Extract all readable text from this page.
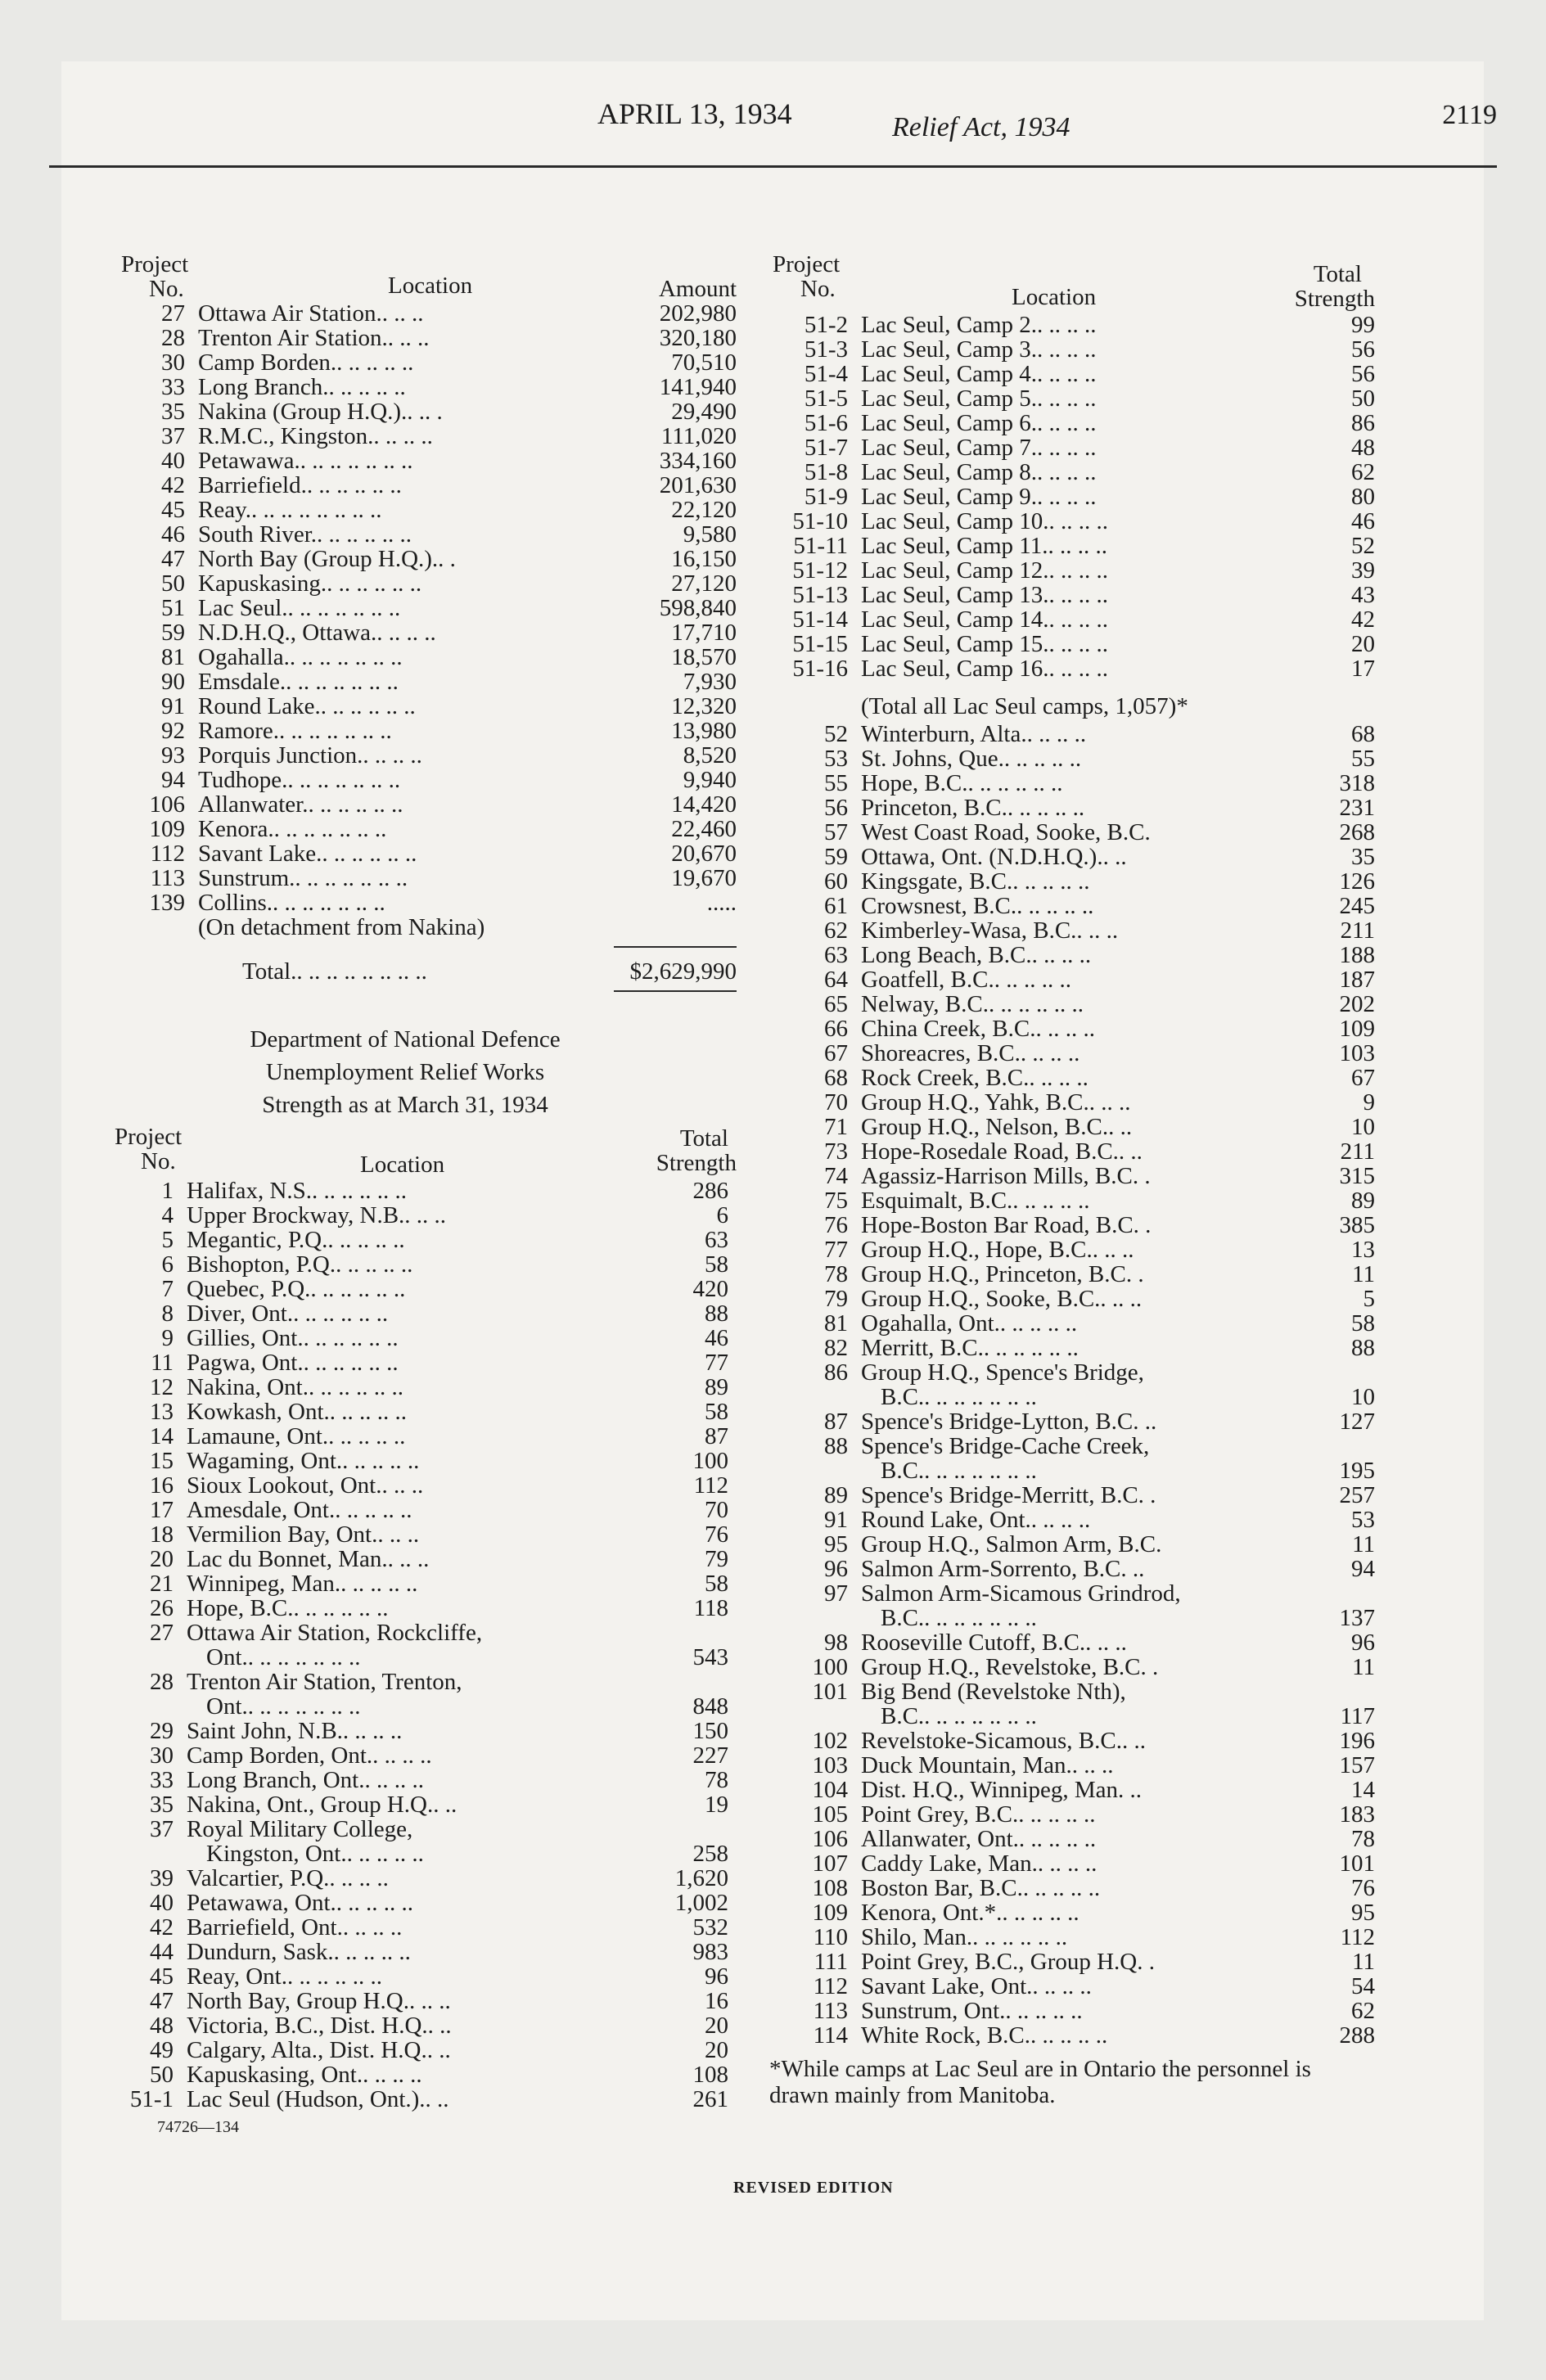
APRIL 13, 1934	Relief Act, 1934	2119
Project
No.	Location	Amount
27 Ottawa Air Station.. .. ..	202,980
28 Trenton Air Station.. .. ..	320,180
30 Camp Borden.. .. .. .. ..	70,510
33 Long Branch.. .. .. .. ..	141,940
35 Nakina (Group H.Q.).. .. .	29,490
37 R.M.C., Kingston.. .. .. ..	111,020
40 Petawawa.. .. .. .. .. .. ..	334,160
42 Barriefield.. .. .. .. .. ..	201,630
45 Reay.. .. .. .. .. .. .. ..	22,120
46 South River.. .. .. .. .. ..	9,580
47 North Bay (Group H.Q.).. .	16,150
50 Kapuskasing.. .. .. .. .. ..	27,120
51 Lac Seul.. .. .. .. .. .. ..	598,840
59 N.D.H.Q., Ottawa.. .. .. ..	17,710
81 Ogahalla.. .. .. .. .. .. ..	18,570
90 Emsdale.. .. .. .. .. .. ..	7,930
91 Round Lake.. .. .. .. .. ..	12,320
92 Ramore.. .. .. .. .. .. ..	13,980
93 Porquis Junction.. .. .. ..	8,520
94 Tudhope.. .. .. .. .. .. ..	9,940
106 Allanwater.. .. .. .. .. ..	14,420
109 Kenora.. .. .. .. .. .. ..	22,460
112 Savant Lake.. .. .. .. .. ..	20,670
113 Sunstrum.. .. .. .. .. .. ..	19,670
139 Collins.. .. .. .. .. .. ..	.....
(On detachment from Nakina)
Total.. .. .. .. .. .. .. ..	$2,629,990
Department of National Defence
Unemployment Relief Works
Strength as at March 31, 1934
Project
No.	Location
Total
Strength
1 Halifax, N.S.. .. .. .. .. ..	286
4 Upper Brockway, N.B.. .. ..	6
5 Megantic, P.Q.. .. .. .. ..	63
6 Bishopton, P.Q.. .. .. .. ..	58
7 Quebec, P.Q.. .. .. .. .. ..	420
8 Diver, Ont.. .. .. .. .. ..	88
9 Gillies, Ont.. .. .. .. .. ..	46
11 Pagwa, Ont.. .. .. .. .. ..	77
12 Nakina, Ont.. .. .. .. .. ..	89
13 Kowkash, Ont.. .. .. .. ..	58
14 Lamaune, Ont.. .. .. .. ..	87
15 Wagaming, Ont.. .. .. .. ..	100
16 Sioux Lookout, Ont.. .. ..	112
17 Amesdale, Ont.. .. .. .. ..	70
18 Vermilion Bay, Ont.. .. ..	76
20 Lac du Bonnet, Man.. .. ..	79
21 Winnipeg, Man.. .. .. .. ..	58
26 Hope, B.C.. .. .. .. .. ..	118
27 Ottawa Air Station, Rockcliffe,
Ont.. .. .. .. .. .. ..	543
28 Trenton Air Station, Trenton,
Ont.. .. .. .. .. .. ..	848
29 Saint John, N.B.. .. .. ..	150
30 Camp Borden, Ont.. .. .. ..	227
33 Long Branch, Ont.. .. .. ..	78
35 Nakina, Ont., Group H.Q.. ..	19
37 Royal Military College,
Kingston, Ont.. .. .. .. ..	258
39 Valcartier, P.Q.. .. .. ..	1,620
40 Petawawa, Ont.. .. .. .. ..	1,002
42 Barriefield, Ont.. .. .. ..	532
44 Dundurn, Sask.. .. .. .. ..	983
45 Reay, Ont.. .. .. .. .. ..	96
47 North Bay, Group H.Q.. .. ..	16
48 Victoria, B.C., Dist. H.Q.. ..	20
49 Calgary, Alta., Dist. H.Q.. ..	20
50 Kapuskasing, Ont.. .. .. ..	108
51-1 Lac Seul (Hudson, Ont.).. ..	261
74726—134
Project
No.	Location
Total
Strength
51-2 Lac Seul, Camp 2.. .. .. ..	99
51-3 Lac Seul, Camp 3.. .. .. ..	56
51-4 Lac Seul, Camp 4.. .. .. ..	56
51-5 Lac Seul, Camp 5.. .. .. ..	50
51-6 Lac Seul, Camp 6.. .. .. ..	86
51-7 Lac Seul, Camp 7.. .. .. ..	48
51-8 Lac Seul, Camp 8.. .. .. ..	62
51-9 Lac Seul, Camp 9.. .. .. ..	80
51-10 Lac Seul, Camp 10.. .. .. ..	46
51-11 Lac Seul, Camp 11.. .. .. ..	52
51-12 Lac Seul, Camp 12.. .. .. ..	39
51-13 Lac Seul, Camp 13.. .. .. ..	43
51-14 Lac Seul, Camp 14.. .. .. ..	42
51-15 Lac Seul, Camp 15.. .. .. ..	20
51-16 Lac Seul, Camp 16.. .. .. ..	17
(Total all Lac Seul camps, 1,057)*
52 Winterburn, Alta.. .. .. ..	68
53 St. Johns, Que.. .. .. .. ..	55
55 Hope, B.C.. .. .. .. .. ..	318
56 Princeton, B.C.. .. .. .. ..	231
57 West Coast Road, Sooke, B.C.	268
59 Ottawa, Ont. (N.D.H.Q.).. ..	35
60 Kingsgate, B.C.. .. .. .. ..	126
61 Crowsnest, B.C.. .. .. .. ..	245
62 Kimberley-Wasa, B.C.. .. ..	211
63 Long Beach, B.C.. .. .. ..	188
64 Goatfell, B.C.. .. .. .. ..	187
65 Nelway, B.C.. .. .. .. .. ..	202
66 China Creek, B.C.. .. .. ..	109
67 Shoreacres, B.C.. .. .. ..	103
68 Rock Creek, B.C.. .. .. ..	67
70 Group H.Q., Yahk, B.C.. .. ..	9
71 Group H.Q., Nelson, B.C.. ..	10
73 Hope-Rosedale Road, B.C.. ..	211
74 Agassiz-Harrison Mills, B.C. .	315
75 Esquimalt, B.C.. .. .. .. ..	89
76 Hope-Boston Bar Road, B.C. .	385
77 Group H.Q., Hope, B.C.. .. ..	13
78 Group H.Q., Princeton, B.C. .	11
79 Group H.Q., Sooke, B.C.. .. ..	5
81 Ogahalla, Ont.. .. .. .. ..	58
82 Merritt, B.C.. .. .. .. .. ..	88
86 Group H.Q., Spence's Bridge,
B.C.. .. .. .. .. .. ..	10
87 Spence's Bridge-Lytton, B.C. ..	127
88 Spence's Bridge-Cache Creek,
B.C.. .. .. .. .. .. ..	195
89 Spence's Bridge-Merritt, B.C. .	257
91 Round Lake, Ont.. .. .. ..	53
95 Group H.Q., Salmon Arm, B.C.	11
96 Salmon Arm-Sorrento, B.C. ..	94
97 Salmon Arm-Sicamous Grindrod,
B.C.. .. .. .. .. .. ..	137
98 Rooseville Cutoff, B.C.. .. ..	96
100 Group H.Q., Revelstoke, B.C. .	11
101 Big Bend (Revelstoke Nth),
B.C.. .. .. .. .. .. ..	117
102 Revelstoke-Sicamous, B.C.. ..	196
103 Duck Mountain, Man.. .. ..	157
104 Dist. H.Q., Winnipeg, Man. ..	14
105 Point Grey, B.C.. .. .. .. ..	183
106 Allanwater, Ont.. .. .. .. ..	78
107 Caddy Lake, Man.. .. .. ..	101
108 Boston Bar, B.C.. .. .. .. ..	76
109 Kenora, Ont.*.. .. .. .. ..	95
110 Shilo, Man.. .. .. .. .. ..	112
111 Point Grey, B.C., Group H.Q. .	11
112 Savant Lake, Ont.. .. .. ..	54
113 Sunstrum, Ont.. .. .. .. ..	62
114 White Rock, B.C.. .. .. .. ..	288
*While camps at Lac Seul are in Ontario the personnel is drawn mainly from Manitoba.
REVISED EDITION
